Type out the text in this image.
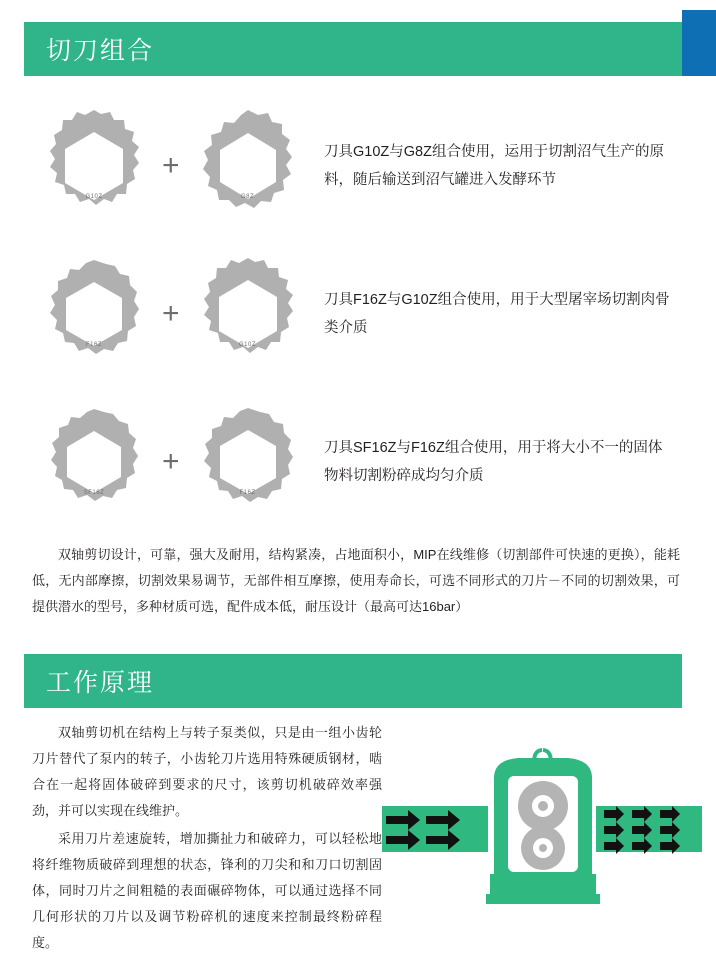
切刀组合
G10Z
+
G8Z
刀具G10Z与G8Z组合使用，运用于切割沼气生产的原料，随后输送到沼气罐进入发酵环节
F16Z
+
G10Z
刀具F16Z与G10Z组合使用，用于大型屠宰场切割肉骨类介质
SF16Z
+
F16Z
刀具SF16Z与F16Z组合使用，用于将大小不一的固体物料切割粉碎成均匀介质
双轴剪切设计，可靠，强大及耐用，结构紧凑，占地面积小，MIP在线维修（切割部件可快速的更换），能耗低，无内部摩擦，切割效果易调节，无部件相互摩擦，使用寿命长，可选不同形式的刀片－不同的切割效果，可提供潜水的型号，多种材质可选，配件成本低，耐压设计（最高可达16bar）
工作原理

双轴剪切机在结构上与转子泵类似，只是由一组小齿轮刀片替代了泵内的转子，小齿轮刀片选用特殊硬质钢材，啮合在一起将固体破碎到要求的尺寸，该剪切机破碎效率强劲，并可以实现在线维护。

采用刀片差速旋转，增加撕扯力和破碎力，可以轻松地将纤维物质破碎到理想的状态，锋利的刀尖和和刀口切割固体，同时刀片之间粗糙的表面碾碎物体，可以通过选择不同几何形状的刀片以及调节粉碎机的速度来控制最终粉碎程度。
